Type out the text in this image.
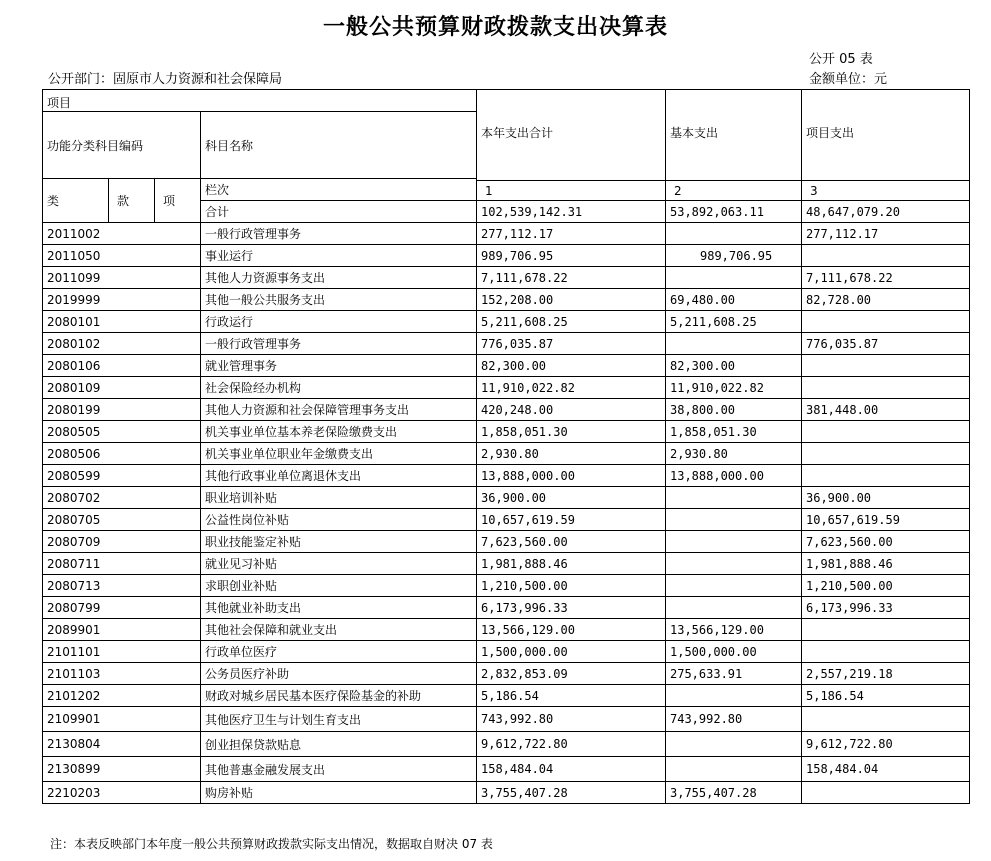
一般公共预算财政拨款支出决算表
公开 05 表
公开部门：固原市人力资源和社会保障局	金额单位：元
项目				本年支出合计	基本支出	项目支出
功能分类科目编码			科目名称			
类	款	项	栏次			
				1	2	3
			合计	102,539,142.31	53,892,063.11	48,647,079.20
2011002			一般行政管理事务	277,112.17		277,112.17
2011050			事业运行	989,706.95	989,706.95	
2011099			其他人力资源事务支出	7,111,678.22		7,111,678.22
2019999			其他一般公共服务支出	152,208.00	69,480.00	82,728.00
2080101			行政运行	5,211,608.25	5,211,608.25	
2080102			一般行政管理事务	776,035.87		776,035.87
2080106			就业管理事务	82,300.00	82,300.00	
2080109			社会保险经办机构	11,910,022.82	11,910,022.82	
2080199			其他人力资源和社会保障管理事务支出	420,248.00	38,800.00	381,448.00
2080505			机关事业单位基本养老保险缴费支出	1,858,051.30	1,858,051.30	
2080506			机关事业单位职业年金缴费支出	2,930.80	2,930.80	
2080599			其他行政事业单位离退休支出	13,888,000.00	13,888,000.00	
2080702			职业培训补贴	36,900.00		36,900.00
2080705			公益性岗位补贴	10,657,619.59		10,657,619.59
2080709			职业技能鉴定补贴	7,623,560.00		7,623,560.00
2080711			就业见习补贴	1,981,888.46		1,981,888.46
2080713			求职创业补贴	1,210,500.00		1,210,500.00
2080799			其他就业补助支出	6,173,996.33		6,173,996.33
2089901			其他社会保障和就业支出	13,566,129.00	13,566,129.00	
2101101			行政单位医疗	1,500,000.00	1,500,000.00	
2101103			公务员医疗补助	2,832,853.09	275,633.91	2,557,219.18
2101202			财政对城乡居民基本医疗保险基金的补助	5,186.54		5,186.54
2109901			其他医疗卫生与计划生育支出	743,992.80	743,992.80	
2130804			创业担保贷款贴息	9,612,722.80		9,612,722.80
2130899			其他普惠金融发展支出	158,484.04		158,484.04
2210203			购房补贴	3,755,407.28	3,755,407.28	
注：本表反映部门本年度一般公共预算财政拨款实际支出情况，数据取自财决 07 表
